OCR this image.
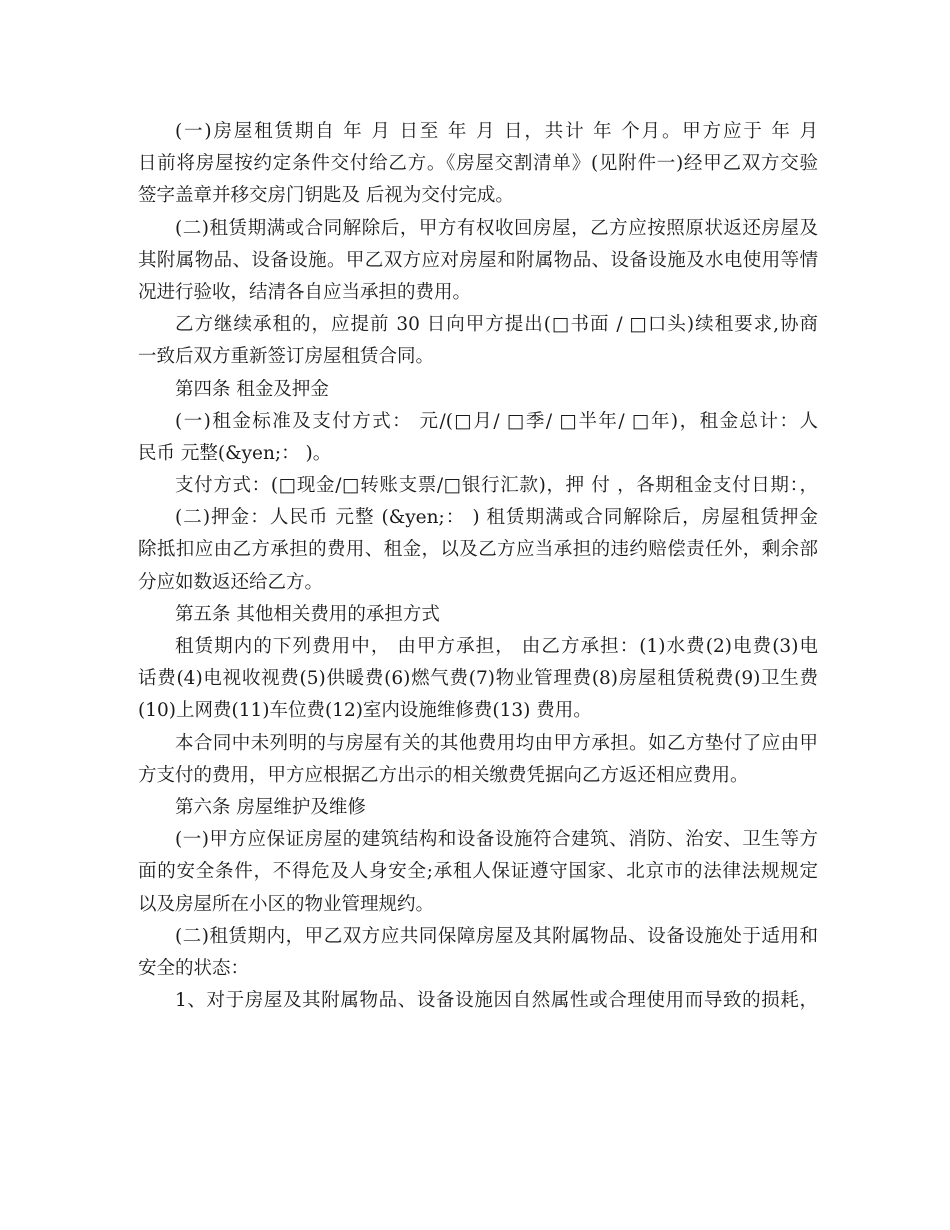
(一)房屋租赁期自 年 月 日至 年 月 日，共计 年 个月。甲方应于 年 月
日前将房屋按约定条件交付给乙方。《房屋交割清单》(见附件一)经甲乙双方交验
签字盖章并移交房门钥匙及 后视为交付完成。
(二)租赁期满或合同解除后，甲方有权收回房屋，乙方应按照原状返还房屋及
其附属物品、设备设施。甲乙双方应对房屋和附属物品、设备设施及水电使用等情
况进行验收，结清各自应当承担的费用。
乙方继续承租的，应提前 30 日向甲方提出(□书面 / □口头)续租要求,协商
一致后双方重新签订房屋租赁合同。
第四条 租金及押金
(一)租金标准及支付方式： 元/(□月/ □季/ □半年/ □年)，租金总计：人
民币 元整(&yen;： )。
支付方式：(□现金/□转账支票/□银行汇款)，押 付 ，各期租金支付日期：，
(二)押金：人民币 元整 (&yen;： ) 租赁期满或合同解除后，房屋租赁押金
除抵扣应由乙方承担的费用、租金，以及乙方应当承担的违约赔偿责任外，剩余部
分应如数返还给乙方。
第五条 其他相关费用的承担方式
租赁期内的下列费用中， 由甲方承担， 由乙方承担：(1)水费(2)电费(3)电
话费(4)电视收视费(5)供暖费(6)燃气费(7)物业管理费(8)房屋租赁税费(9)卫生费
(10)上网费(11)车位费(12)室内设施维修费(13) 费用。
本合同中未列明的与房屋有关的其他费用均由甲方承担。如乙方垫付了应由甲
方支付的费用，甲方应根据乙方出示的相关缴费凭据向乙方返还相应费用。
第六条 房屋维护及维修
(一)甲方应保证房屋的建筑结构和设备设施符合建筑、消防、治安、卫生等方
面的安全条件，不得危及人身安全;承租人保证遵守国家、北京市的法律法规规定
以及房屋所在小区的物业管理规约。
(二)租赁期内，甲乙双方应共同保障房屋及其附属物品、设备设施处于适用和
安全的状态：
1、对于房屋及其附属物品、设备设施因自然属性或合理使用而导致的损耗，
